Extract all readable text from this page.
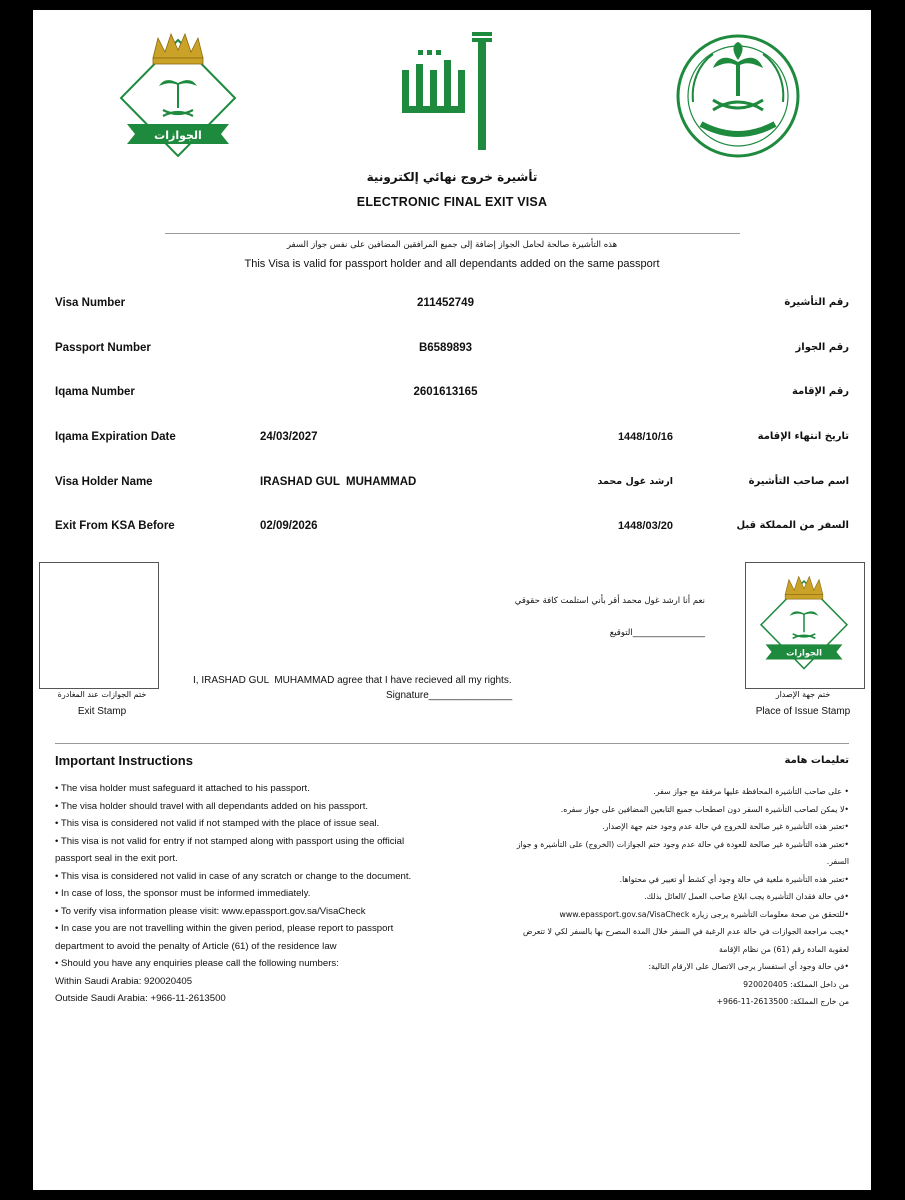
الجوازات
تأشيرة خروج نهائي إلكترونية
ELECTRONIC FINAL EXIT VISA
هذه التأشيرة صالحة لحامل الجواز إضافة إلى جميع المرافقين المضافين على نفس جواز السفر
This Visa is valid for passport holder and all dependants added on the same passport
Visa Number	211452749	رقم التأشيرة
Passport Number	B6589893	رقم الجواز
Iqama Number	2601613165	رقم الإقامة
Iqama Expiration Date	24/03/2027	1448/10/16	تاريخ انتهاء الإقامة
Visa Holder Name	IRASHAD GUL  MUHAMMAD	ارشد غول محمد	اسم صاحب التأشيرة
Exit From KSA Before	02/09/2026	1448/03/20	السفر من المملكة قبل
ختم الجوازات عند المغادرة
Exit Stamp
الجوازات
ختم جهة الإصدار
Place of Issue Stamp
نعم أنا ارشد غول محمد أقر بأني استلمت كافة حقوقي
التوقيع_________________
I, IRASHAD GUL  MUHAMMAD agree that I have recieved all my rights.
Signature_______________
Important Instructions	تعليمات هامة

• The visa holder must safeguard it attached to his passport.

• The visa holder should travel with all dependants added on his passport.

• This visa is considered not valid if not stamped with the place of issue seal.

• This visa is not valid for entry if not stamped along with passport using the official passport seal in the exit port.

• This visa is considered not valid in case of any scratch or change to the document.

• In case of loss, the sponsor must be informed immediately.

• To verify visa information please visit: www.epassport.gov.sa/VisaCheck

• In case you are not travelling within the given period, please report to passport department to avoid the penalty of Article (61) of the residence law

• Should you have any enquiries please call the following numbers:

Within Saudi Arabia: 920020405

Outside Saudi Arabia: +966-11-2613500

• على صاحب التأشيرة المحافظة عليها مرفقة مع جواز سفر.

•لا يمكن لصاحب التأشيرة السفر دون اصطحاب جميع التابعين المضافين على جواز سفره.

•تعتبر هذه التأشيرة غير صالحة للخروج في حالة عدم وجود ختم جهة الإصدار.

•تعتبر هذه التأشيرة غير صالحة للعودة في حالة عدم وجود ختم الجوازات (الخروج) على التأشيرة و جواز السفر.

•تعتبر هذه التأشيرة ملغية في حالة وجود أي كشط أو تغيير في محتواها.

•في حالة فقدان التأشيرة يجب ابلاغ صاحب العمل /العائل بذلك.

•للتحقق من صحة معلومات التأشيرة يرجى زيارة www.epassport.gov.sa/VisaCheck

•يجب مراجعة الجوازات في حالة عدم الرغبة في السفر خلال المدة المصرح بها بالسفر لكي لا تتعرض لعقوبة المادة رقم (61) من نظام الإقامة

•في حالة وجود أي استفسار يرجى الاتصال على الارقام التالية:

من داخل المملكة: 920020405

من خارج المملكة: 2613500-11-966+
